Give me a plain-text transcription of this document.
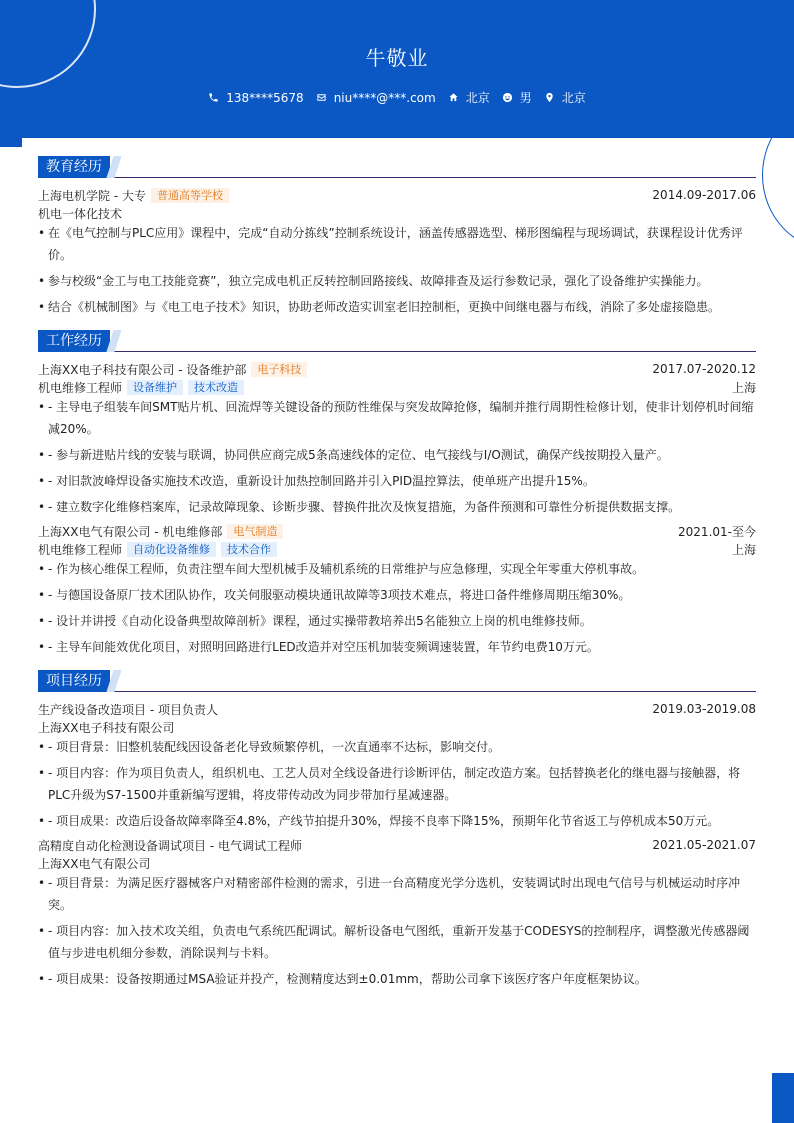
牛敬业
138****5678	niu****@***.com	北京	男	北京
教育经历
上海电机学院 - 大专	普通高等学校	2014.09-2017.06
机电一体化技术
• 在《电气控制与PLC应用》课程中，完成“自动分拣线”控制系统设计，涵盖传感器选型、梯形图编程与现场调试，获课程设计优秀评价。
• 参与校级“金工与电工技能竞赛”，独立完成电机正反转控制回路接线、故障排查及运行参数记录，强化了设备维护实操能力。
• 结合《机械制图》与《电工电子技术》知识，协助老师改造实训室老旧控制柜，更换中间继电器与布线，消除了多处虚接隐患。
工作经历
上海XX电子科技有限公司 - 设备维护部	电子科技	2017.07-2020.12
机电维修工程师	设备维护	技术改造	上海
• - 主导电子组装车间SMT贴片机、回流焊等关键设备的预防性维保与突发故障抢修，编制并推行周期性检修计划，使非计划停机时间缩减20%。
• - 参与新进贴片线的安装与联调，协同供应商完成5条高速线体的定位、电气接线与I/O测试，确保产线按期投入量产。
• - 对旧款波峰焊设备实施技术改造，重新设计加热控制回路并引入PID温控算法，使单班产出提升15%。
• - 建立数字化维修档案库，记录故障现象、诊断步骤、替换件批次及恢复措施，为备件预测和可靠性分析提供数据支撑。
上海XX电气有限公司 - 机电维修部	电气制造	2021.01-至今
机电维修工程师	自动化设备维修	技术合作	上海
• - 作为核心维保工程师，负责注塑车间大型机械手及辅机系统的日常维护与应急修理，实现全年零重大停机事故。
• - 与德国设备原厂技术团队协作，攻关伺服驱动模块通讯故障等3项技术难点，将进口备件维修周期压缩30%。
• - 设计并讲授《自动化设备典型故障剖析》课程，通过实操带教培养出5名能独立上岗的机电维修技师。
• - 主导车间能效优化项目，对照明回路进行LED改造并对空压机加装变频调速装置，年节约电费10万元。
项目经历
生产线设备改造项目 - 项目负责人	2019.03-2019.08
上海XX电子科技有限公司
• - 项目背景：旧整机装配线因设备老化导致频繁停机，一次直通率不达标，影响交付。
• - 项目内容：作为项目负责人，组织机电、工艺人员对全线设备进行诊断评估，制定改造方案。包括替换老化的继电器与接触器，将PLC升级为S7-1500并重新编写逻辑，将皮带传动改为同步带加行星减速器。
• - 项目成果：改造后设备故障率降至4.8%，产线节拍提升30%，焊接不良率下降15%，预期年化节省返工与停机成本50万元。
高精度自动化检测设备调试项目 - 电气调试工程师	2021.05-2021.07
上海XX电气有限公司
• - 项目背景：为满足医疗器械客户对精密部件检测的需求，引进一台高精度光学分选机，安装调试时出现电气信号与机械运动时序冲突。
• - 项目内容：加入技术攻关组，负责电气系统匹配调试。解析设备电气图纸，重新开发基于CODESYS的控制程序，调整激光传感器阈值与步进电机细分参数，消除误判与卡料。
• - 项目成果：设备按期通过MSA验证并投产，检测精度达到±0.01mm，帮助公司拿下该医疗客户年度框架协议。
